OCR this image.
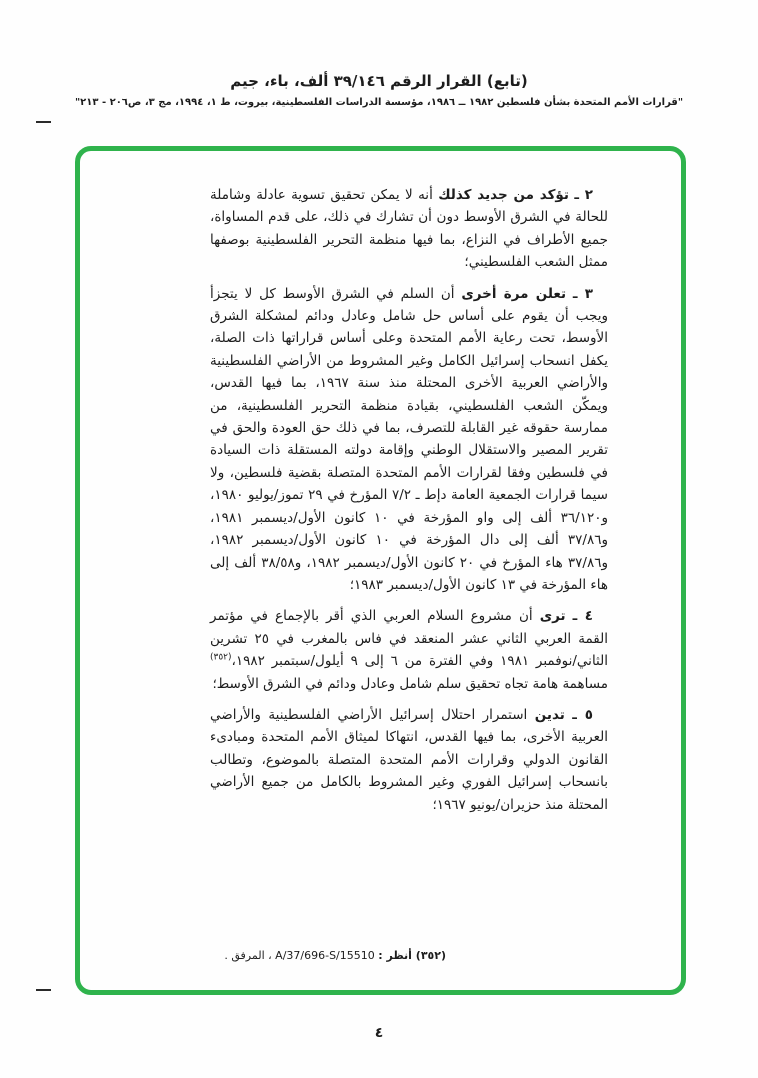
(تابع) القرار الرقم ٣٩/١٤٦ ألف، باء، جيم
"قرارات الأمم المتحدة بشأن فلسطين ١٩٨٢ ــ ١٩٨٦، مؤسسة الدراسات الفلسطينية، بيروت، ط ١، ١٩٩٤، مج ٣، ص٢٠٦ - ٢١٣"

٢ ـ تؤكد من جديد كذلك أنه لا يمكن تحقيق تسوية عادلة وشاملة للحالة في الشرق الأوسط دون أن تشارك في ذلك، على قدم المساواة، جميع الأطراف في النزاع، بما فيها منظمة التحرير الفلسطينية بوصفها ممثل الشعب الفلسطيني؛

٣ ـ تعلن مرة أخرى أن السلم في الشرق الأوسط كل لا يتجزأ ويجب أن يقوم على أساس حل شامل وعادل ودائم لمشكلة الشرق الأوسط، تحت رعاية الأمم المتحدة وعلى أساس قراراتها ذات الصلة، يكفل انسحاب إسرائيل الكامل وغير المشروط من الأراضي الفلسطينية والأراضي العربية الأخرى المحتلة منذ سنة ١٩٦٧، بما فيها القدس، ويمكّن الشعب الفلسطيني، بقيادة منظمة التحرير الفلسطينية، من ممارسة حقوقه غير القابلة للتصرف، بما في ذلك حق العودة والحق في تقرير المصير والاستقلال الوطني وإقامة دولته المستقلة ذات السيادة في فلسطين وفقا لقرارات الأمم المتحدة المتصلة بقضية فلسطين، ولا سيما قرارات الجمعية العامة دإط ـ ٧/٢ المؤرخ في ٢٩ تموز/يوليو ١٩٨٠، و٣٦/١٢٠ ألف إلى واو المؤرخة في ١٠ كانون الأول/ديسمبر ١٩٨١، و٣٧/٨٦ ألف إلى دال المؤرخة في ١٠ كانون الأول/ديسمبر ١٩٨٢، و٣٧/٨٦ هاء المؤرخ في ٢٠ كانون الأول/ديسمبر ١٩٨٢، و٣٨/٥٨ ألف إلى هاء المؤرخة في ١٣ كانون الأول/ديسمبر ١٩٨٣؛

٤ ـ ترى أن مشروع السلام العربي الذي أقر بالإجماع في مؤتمر القمة العربي الثاني عشر المنعقد في فاس بالمغرب في ٢٥ تشرين الثاني/نوفمبر ١٩٨١ وفي الفترة من ٦ إلى ٩ أيلول/سبتمبر ١٩٨٢،$^{(٣٥٢)}$ مساهمة هامة تجاه تحقيق سلم شامل وعادل ودائم في الشرق الأوسط؛

٥ ـ تدين استمرار احتلال إسرائيل الأراضي الفلسطينية والأراضي العربية الأخرى، بما فيها القدس، انتهاكا لميثاق الأمم المتحدة ومبادىء القانون الدولي وقرارات الأمم المتحدة المتصلة بالموضوع، وتطالب بانسحاب إسرائيل الفوري وغير المشروط بالكامل من جميع الأراضي المحتلة منذ حزيران/يونيو ١٩٦٧؛

(٣٥٢) أنظر : A/37/696-S/15510 ، المرفق .
٤
